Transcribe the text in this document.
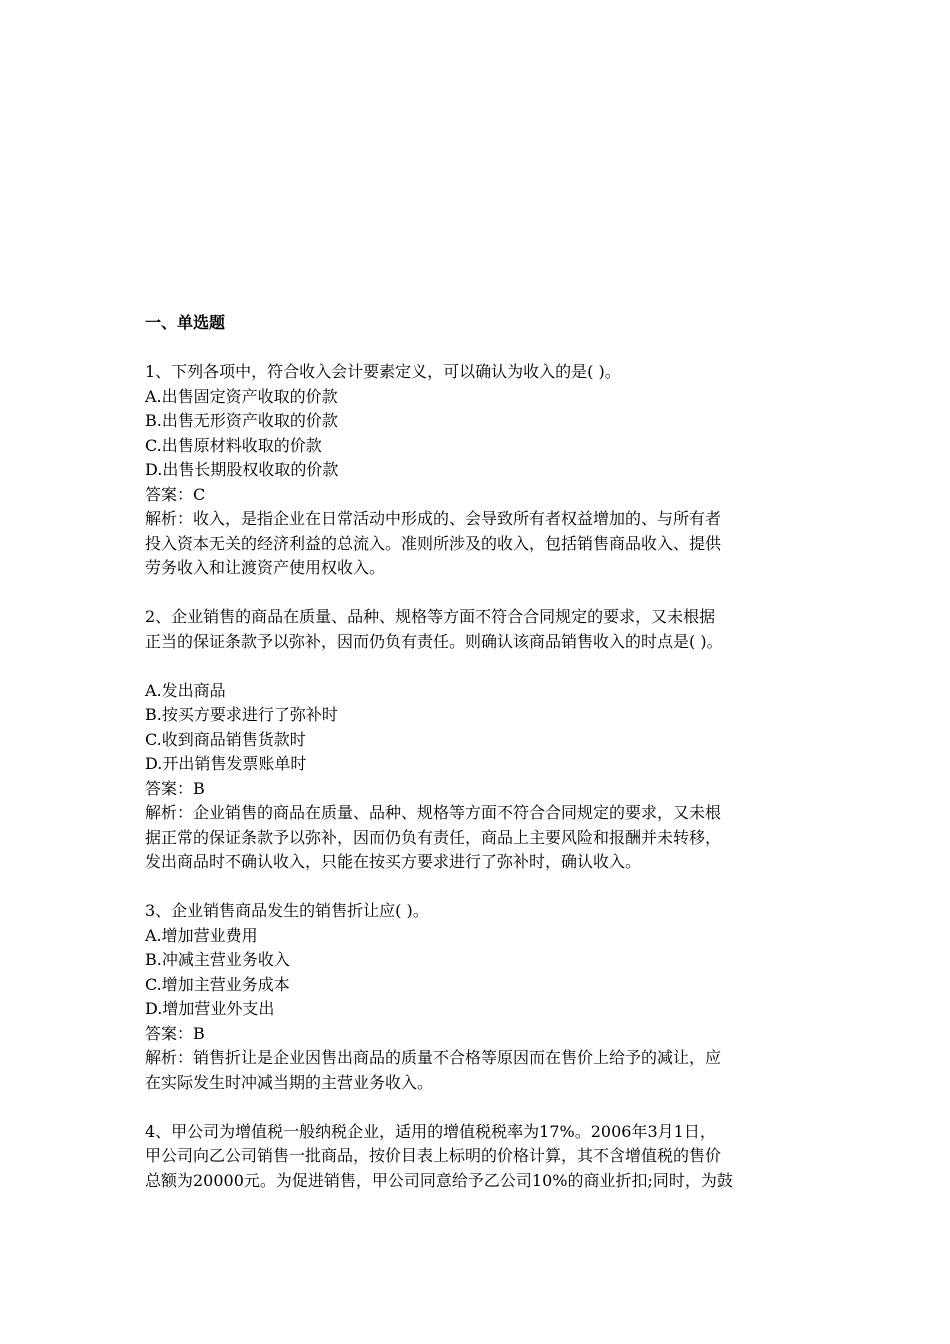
一、单选题
1、下列各项中，符合收入会计要素定义，可以确认为收入的是( )。
A.出售固定资产收取的价款
B.出售无形资产收取的价款
C.出售原材料收取的价款
D.出售长期股权收取的价款
答案：C
解析：收入，是指企业在日常活动中形成的、会导致所有者权益增加的、与所有者
投入资本无关的经济利益的总流入。准则所涉及的收入，包括销售商品收入、提供
劳务收入和让渡资产使用权收入。
2、企业销售的商品在质量、品种、规格等方面不符合合同规定的要求，又未根据
正当的保证条款予以弥补，因而仍负有责任。则确认该商品销售收入的时点是( )。
A.发出商品
B.按买方要求进行了弥补时
C.收到商品销售货款时
D.开出销售发票账单时
答案：B
解析：企业销售的商品在质量、品种、规格等方面不符合合同规定的要求，又未根
据正常的保证条款予以弥补，因而仍负有责任，商品上主要风险和报酬并未转移，
发出商品时不确认收入，只能在按买方要求进行了弥补时，确认收入。
3、企业销售商品发生的销售折让应( )。
A.增加营业费用
B.冲减主营业务收入
C.增加主营业务成本
D.增加营业外支出
答案：B
解析：销售折让是企业因售出商品的质量不合格等原因而在售价上给予的减让，应
在实际发生时冲减当期的主营业务收入。
4、甲公司为增值税一般纳税企业，适用的增值税税率为17%。2006年3月1日，
甲公司向乙公司销售一批商品，按价目表上标明的价格计算，其不含增值税的售价
总额为20000元。为促进销售，甲公司同意给予乙公司10%的商业折扣;同时，为鼓
